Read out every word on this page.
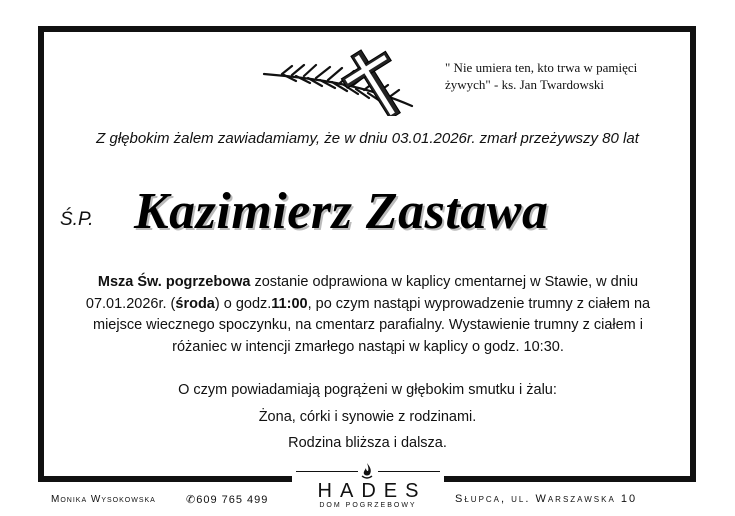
" Nie umiera ten, kto trwa w pamięci
żywych" - ks. Jan Twardowski
Z głębokim żalem zawiadamiamy, że w dniu 03.01.2026r. zmarł przeżywszy 80 lat
Ś.P. Kazimierz Zastawa
Msza Św. pogrzebowa zostanie odprawiona w kaplicy cmentarnej w Stawie, w dniu 07.01.2026r. (środa) o godz.11:00, po czym nastąpi wyprowadzenie trumny z ciałem na miejsce wiecznego spoczynku, na cmentarz parafialny. Wystawienie trumny z ciałem i różaniec w intencji zmarłego nastąpi w kaplicy o godz. 10:30.
O czym powiadamiają pogrążeni w głębokim smutku i żalu:
Żona, córki i synowie z rodzinami.
Rodzina bliższa i dalsza.
HADES
DOM POGRZEBOWY
Monika Wysokowska	✆609 765 499	Słupca, ul. Warszawska 10
